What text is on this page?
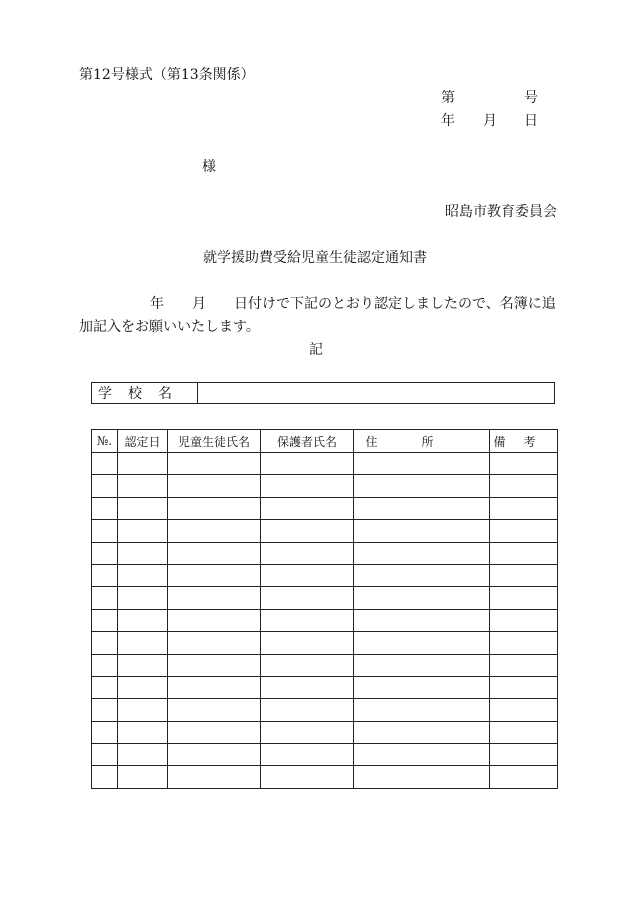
第12号様式（第13条関係）
第	号
年 月 日
様
昭島市教育委員会
就学援助費受給児童生徒認定通知書
年 月 日付けで下記のとおり認定しましたので、名簿に追
加記入をお願いいたします。
記
学校名
№.	認定日	児童生徒氏名	保護者氏名	住所	備考
